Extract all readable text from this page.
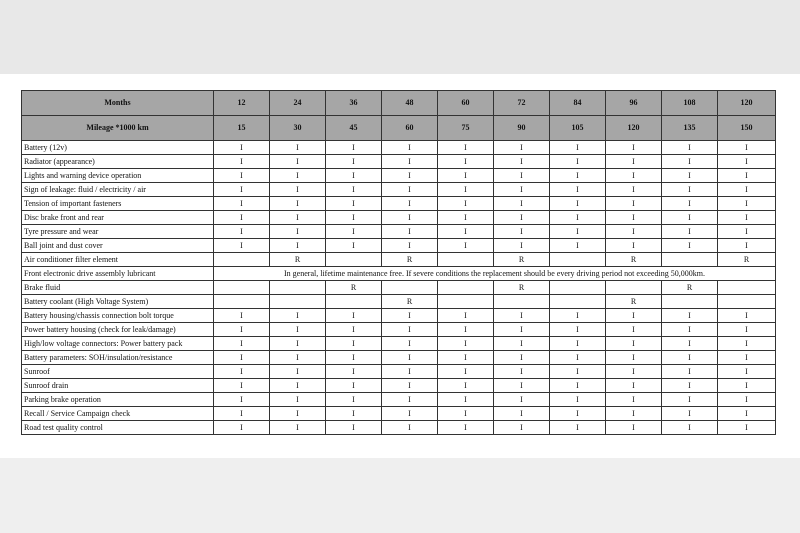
Months	12	24	36	48	60	72	84	96	108	120
Mileage *1000 km	15	30	45	60	75	90	105	120	135	150
Battery (12v)	I	I	I	I	I	I	I	I	I	I
Radiator (appearance)	I	I	I	I	I	I	I	I	I	I
Lights and warning device operation	I	I	I	I	I	I	I	I	I	I
Sign of leakage: fluid / electricity / air	I	I	I	I	I	I	I	I	I	I
Tension of important fasteners	I	I	I	I	I	I	I	I	I	I
Disc brake front and rear	I	I	I	I	I	I	I	I	I	I
Tyre pressure and wear	I	I	I	I	I	I	I	I	I	I
Ball joint and dust cover	I	I	I	I	I	I	I	I	I	I
Air conditioner filter element		R		R		R		R		R
Front electronic drive assembly lubricant	In general, lifetime maintenance free. If severe conditions the replacement should be every driving period not exceeding 50,000km.									
Brake fluid			R			R			R	
Battery coolant (High Voltage System)				R				R		
Battery housing/chassis connection bolt torque	I	I	I	I	I	I	I	I	I	I
Power battery housing (check for leak/damage)	I	I	I	I	I	I	I	I	I	I
High/low voltage connectors: Power battery pack	I	I	I	I	I	I	I	I	I	I
Battery parameters: SOH/insulation/resistance	I	I	I	I	I	I	I	I	I	I
Sunroof	I	I	I	I	I	I	I	I	I	I
Sunroof drain	I	I	I	I	I	I	I	I	I	I
Parking brake operation	I	I	I	I	I	I	I	I	I	I
Recall / Service Campaign check	I	I	I	I	I	I	I	I	I	I
Road test quality control	I	I	I	I	I	I	I	I	I	I
